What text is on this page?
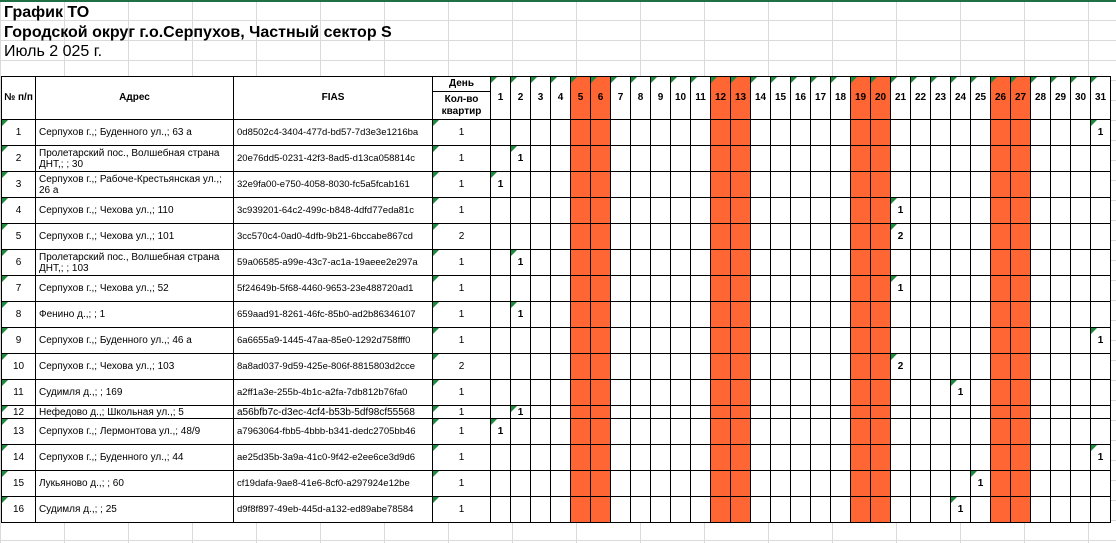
График ТО
Городской округ г.о.Серпухов, Частный сектор S
Июль 2 025 г.
№ п/п	Адрес	FIAS	День	1	2	3	4	5	6	7	8	9	10	11	12	13	14	15	16	17	18	19	20	21	22	23	24	25	26	27	28	29	30	31
			Кол-во квартир																															
1	Серпухов г.,; Буденного ул.,; 63 а	0d8502c4-3404-477d-bd57-7d3e3e1216ba	1																															1
2	Пролетарский пос., Волшебная страна ДНТ,; ; 30	20e76dd5-0231-42f3-8ad5-d13ca058814c	1		1																													
3	Серпухов г.,; Рабоче-Крестьянская ул.,; 26 а	32e9fa00-e750-4058-8030-fc5a5fcab161	1	1																														
4	Серпухов г.,; Чехова ул.,; 110	3c939201-64c2-499c-b848-4dfd77eda81c	1																					1										
5	Серпухов г.,; Чехова ул.,; 101	3cc570c4-0ad0-4dfb-9b21-6bccabe867cd	2																					2										
6	Пролетарский пос., Волшебная страна ДНТ,; ; 103	59a06585-a99e-43c7-ac1a-19aeee2e297a	1		1																													
7	Серпухов г.,; Чехова ул.,; 52	5f24649b-5f68-4460-9653-23e488720ad1	1																					1										
8	Фенино д.,; ; 1	659aad91-8261-46fc-85b0-ad2b86346107	1		1																													
9	Серпухов г.,; Буденного ул.,; 46 а	6a6655a9-1445-47aa-85e0-1292d758fff0	1																															1
10	Серпухов г.,; Чехова ул.,; 103	8a8ad037-9d59-425e-806f-8815803d2cce	2																					2										
11	Судимля д.,; ; 169	a2ff1a3e-255b-4b1c-a2fa-7db812b76fa0	1																								1							
12	Нефедово д.,; Школьная ул.,; 5	a56bfb7c-d3ec-4cf4-b53b-5df98cf55568	1		1																													
13	Серпухов г.,; Лермонтова ул.,; 48/9	a7963064-fbb5-4bbb-b341-dedc2705bb46	1	1																														
14	Серпухов г.,; Буденного ул.,; 44	ae25d35b-3a9a-41c0-9f42-e2ee6ce3d9d6	1																															1
15	Лукьяново д.,; ; 60	cf19dafa-9ae8-41e6-8cf0-a297924e12be	1																									1						
16	Судимля д.,; ; 25	d9f8f897-49eb-445d-a132-ed89abe78584	1																								1							
